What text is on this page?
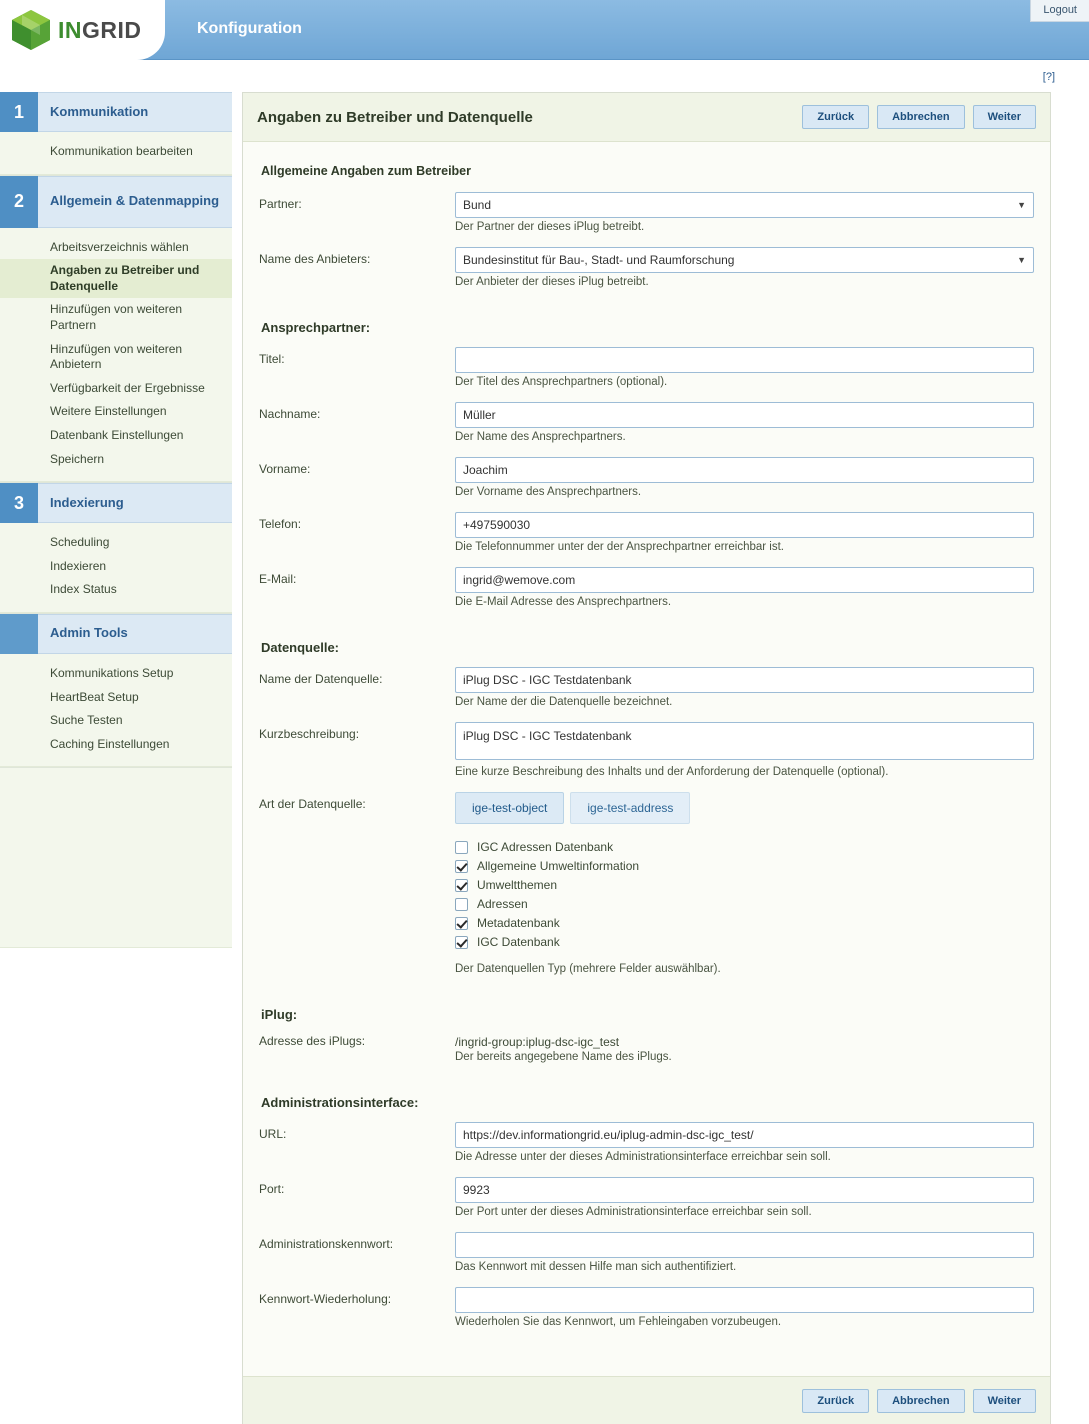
INGRID	Konfiguration
Logout
[?]
1	Kommunikation
Kommunikation bearbeiten
2	Allgemein & Datenmapping
Arbeitsverzeichnis wählen
Angaben zu Betreiber und Datenquelle
Hinzufügen von weiteren Partnern
Hinzufügen von weiteren Anbietern
Verfügbarkeit der Ergebnisse
Weitere Einstellungen
Datenbank Einstellungen
Speichern
3	Indexierung
Scheduling
Indexieren
Index Status
Admin Tools
Kommunikations Setup
HeartBeat Setup
Suche Testen
Caching Einstellungen
Angaben zu Betreiber und Datenquelle	Zurück	Abbrechen	Weiter
Allgemeine Angaben zum Betreiber
Partner:
Bund	▼
Der Partner der dieses iPlug betreibt.
Name des Anbieters:
Bundesinstitut für Bau-, Stadt- und Raumforschung	▼
Der Anbieter der dieses iPlug betreibt.
Ansprechpartner:
Titel:
Der Titel des Ansprechpartners (optional).
Nachname:
Müller
Der Name des Ansprechpartners.
Vorname:
Joachim
Der Vorname des Ansprechpartners.
Telefon:
+497590030
Die Telefonnummer unter der der Ansprechpartner erreichbar ist.
E-Mail:
ingrid@wemove.com
Die E-Mail Adresse des Ansprechpartners.
Datenquelle:
Name der Datenquelle:
iPlug DSC - IGC Testdatenbank
Der Name der die Datenquelle bezeichnet.
Kurzbeschreibung:
iPlug DSC - IGC Testdatenbank
Eine kurze Beschreibung des Inhalts und der Anforderung der Datenquelle (optional).
Art der Datenquelle:	ige-test-object	ige-test-address
IGC Adressen Datenbank
Allgemeine Umweltinformation
Umweltthemen
Adressen
Metadatenbank
IGC Datenbank
Der Datenquellen Typ (mehrere Felder auswählbar).
iPlug:
Adresse des iPlugs:	/ingrid-group:iplug-dsc-igc_test
Der bereits angegebene Name des iPlugs.
Administrationsinterface:
URL:
https://dev.informationgrid.eu/iplug-admin-dsc-igc_test/
Die Adresse unter der dieses Administrationsinterface erreichbar sein soll.
Port:
9923
Der Port unter der dieses Administrationsinterface erreichbar sein soll.
Administrationskennwort:
Das Kennwort mit dessen Hilfe man sich authentifiziert.
Kennwort-Wiederholung:
Wiederholen Sie das Kennwort, um Fehleingaben vorzubeugen.
Zurück	Abbrechen	Weiter
